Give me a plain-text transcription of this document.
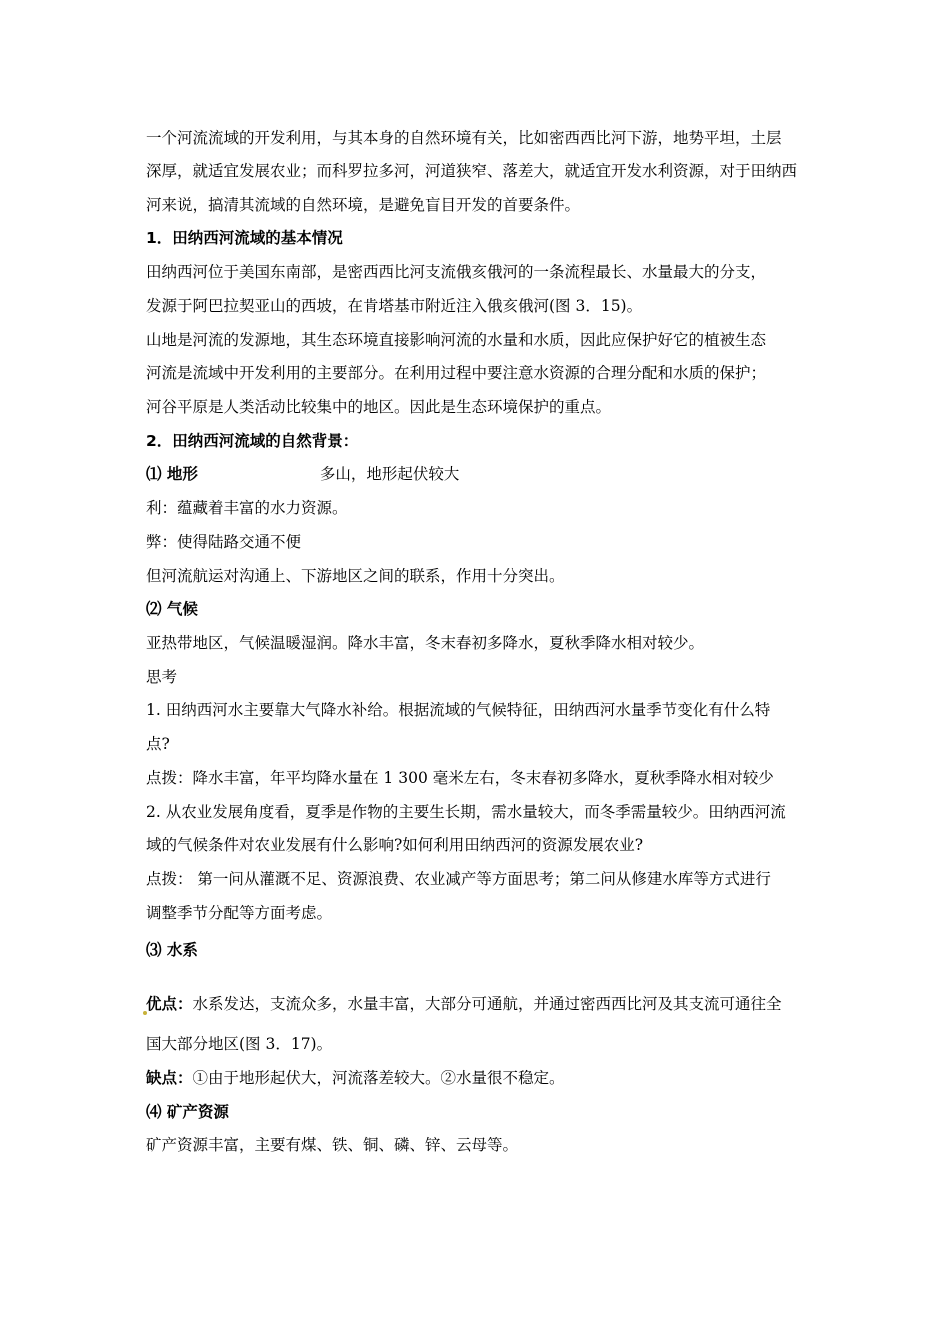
一个河流流域的开发利用，与其本身的自然环境有关，比如密西西比河下游，地势平坦，土层
深厚，就适宜发展农业；而科罗拉多河，河道狭窄、落差大，就适宜开发水利资源，对于田纳西
河来说，搞清其流域的自然环境，是避免盲目开发的首要条件。
1．田纳西河流域的基本情况
田纳西河位于美国东南部，是密西西比河支流俄亥俄河的一条流程最长、水量最大的分支，
发源于阿巴拉契亚山的西坡，在肯塔基市附近注入俄亥俄河(图 3．15)。
山地是河流的发源地，其生态环境直接影响河流的水量和水质，因此应保护好它的植被生态
河流是流域中开发利用的主要部分。在利用过程中要注意水资源的合理分配和水质的保护；
河谷平原是人类活动比较集中的地区。因此是生态环境保护的重点。
2．田纳西河流域的自然背景：
⑴ 地形	多山，地形起伏较大
利：蕴藏着丰富的水力资源。
弊：使得陆路交通不便
但河流航运对沟通上、下游地区之间的联系，作用十分突出。
⑵ 气候
亚热带地区，气候温暖湿润。降水丰富，冬末春初多降水，夏秋季降水相对较少。
思考
1. 田纳西河水主要靠大气降水补给。根据流域的气候特征，田纳西河水量季节变化有什么特
点?
点拨：降水丰富，年平均降水量在 1 300 毫米左右，冬末春初多降水，夏秋季降水相对较少
2. 从农业发展角度看，夏季是作物的主要生长期，需水量较大，而冬季需量较少。田纳西河流
域的气候条件对农业发展有什么影响?如何利用田纳西河的资源发展农业?
点拨： 第一问从灌溉不足、资源浪费、农业减产等方面思考；第二问从修建水库等方式进行
调整季节分配等方面考虑。
⑶ 水系
优点：水系发达，支流众多，水量丰富，大部分可通航，并通过密西西比河及其支流可通往全
国大部分地区(图 3．17)。
缺点：①由于地形起伏大，河流落差较大。②水量很不稳定。
⑷ 矿产资源
矿产资源丰富，主要有煤、铁、铜、磷、锌、云母等。
